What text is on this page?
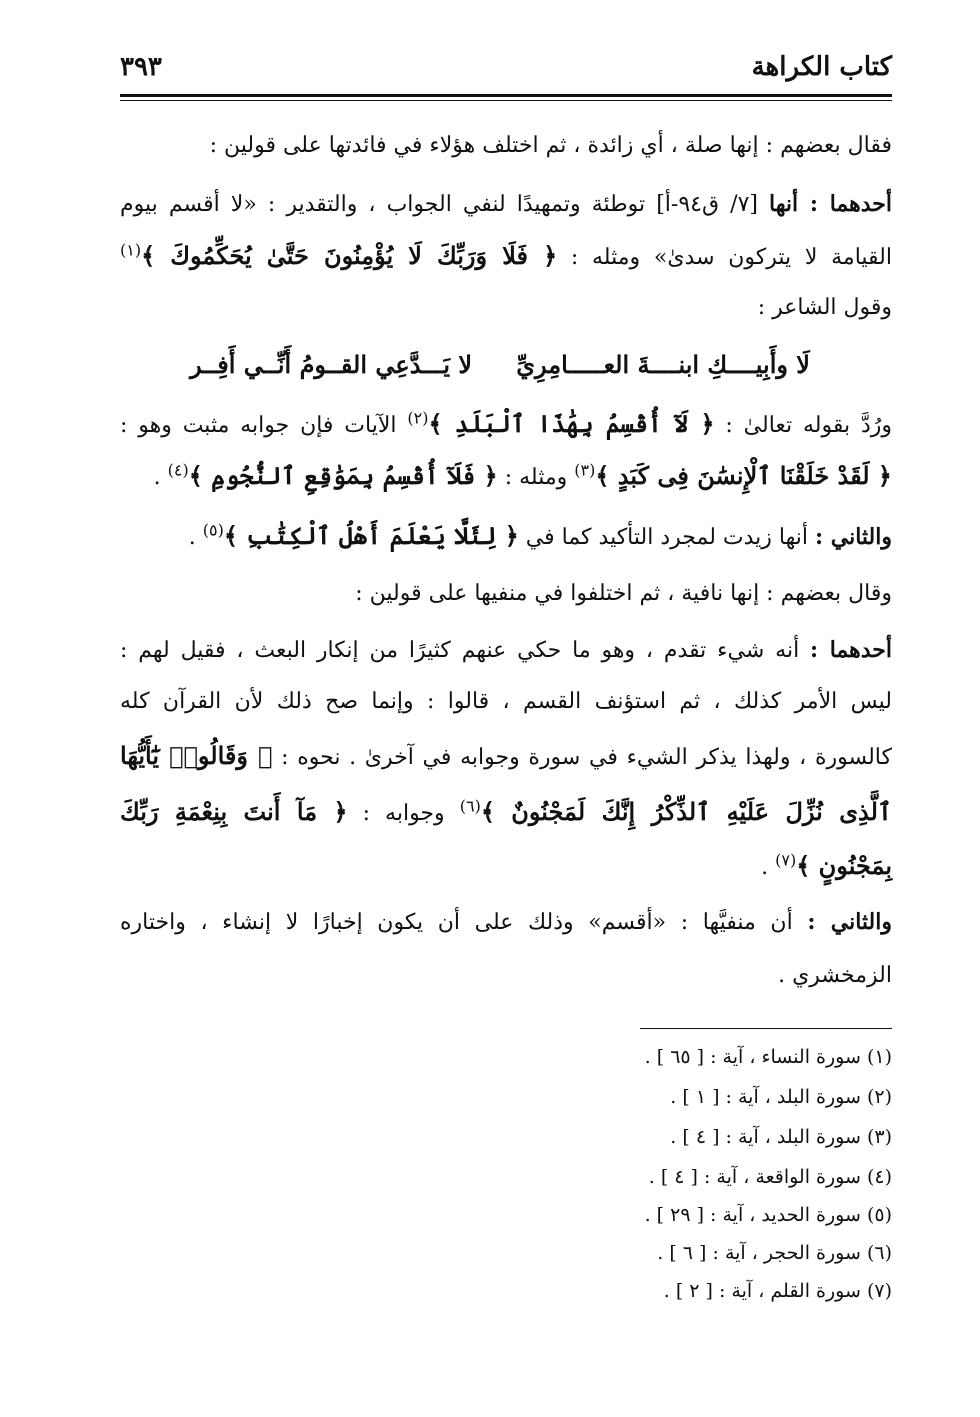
كتاب الكراهة
٣٩٣
فقال بعضهم : إنها صلة ، أي زائدة ، ثم اختلف هؤلاء في فائدتها على قولين :
أحدهما : أنها [٧/ ق٩٤-أ] توطئة وتمهيدًا لنفي الجواب ، والتقدير : «لا أقسم بيوم
القيامة لا يتركون سدىٰ» ومثله : ﴿ فَلَا وَرَبِّكَ لَا يُؤْمِنُونَ حَتَّىٰ يُحَكِّمُوكَ ﴾$^{(١)}$
وقول الشاعر :
لَا وأَبِيــــكِ ابنــــةَ العـــــامِرِيِّ
لا يَـــدَّعِي القــومُ أَنِّــي أَفِــر
ورُدَّ بقوله تعالىٰ : ﴿ لَآ أُقْسِمُ بِهَٰذَا ٱلْبَلَدِ ﴾$^{(٢)}$ الآيات فإن جوابه مثبت وهو :
﴿ لَقَدْ خَلَقْنَا ٱلْإِنسَٰنَ فِى كَبَدٍ ﴾$^{(٣)}$ ومثله : ﴿ فَلَآ أُقْسِمُ بِمَوَٰقِعِ ٱلنُّجُومِ ﴾$^{(٤)}$ .
والثاني : أنها زيدت لمجرد التأكيد كما في ﴿ لِئَلَّا يَعْلَمَ أَهْلُ ٱلْكِتَٰبِ ﴾$^{(٥)}$ .
وقال بعضهم : إنها نافية ، ثم اختلفوا في منفيها على قولين :
أحدهما : أنه شيء تقدم ، وهو ما حكي عنهم كثيرًا من إنكار البعث ، فقيل لهم :
ليس الأمر كذلك ، ثم استؤنف القسم ، قالوا : وإنما صح ذلك لأن القرآن كله
كالسورة ، ولهذا يذكر الشيء في سورة وجوابه في آخرىٰ . نحوه : ﴿ وَقَالُوا۟ يَٰٓأَيُّهَا
ٱلَّذِى نُزِّلَ عَلَيْهِ ٱلذِّكْرُ إِنَّكَ لَمَجْنُونٌ ﴾$^{(٦)}$ وجوابه : ﴿ مَآ أَنتَ بِنِعْمَةِ رَبِّكَ
بِمَجْنُونٍ ﴾$^{(٧)}$ .
والثاني : أن منفيَّها : «أقسم» وذلك على أن يكون إخبارًا لا إنشاء ، واختاره
الزمخشري .
(١) سورة النساء ، آية : [ ٦٥ ] .
(٢) سورة البلد ، آية : [ ١ ] .
(٣) سورة البلد ، آية : [ ٤ ] .
(٤) سورة الواقعة ، آية : [ ٤ ] .
(٥) سورة الحديد ، آية : [ ٢٩ ] .
(٦) سورة الحجر ، آية : [ ٦ ] .
(٧) سورة القلم ، آية : [ ٢ ] .
